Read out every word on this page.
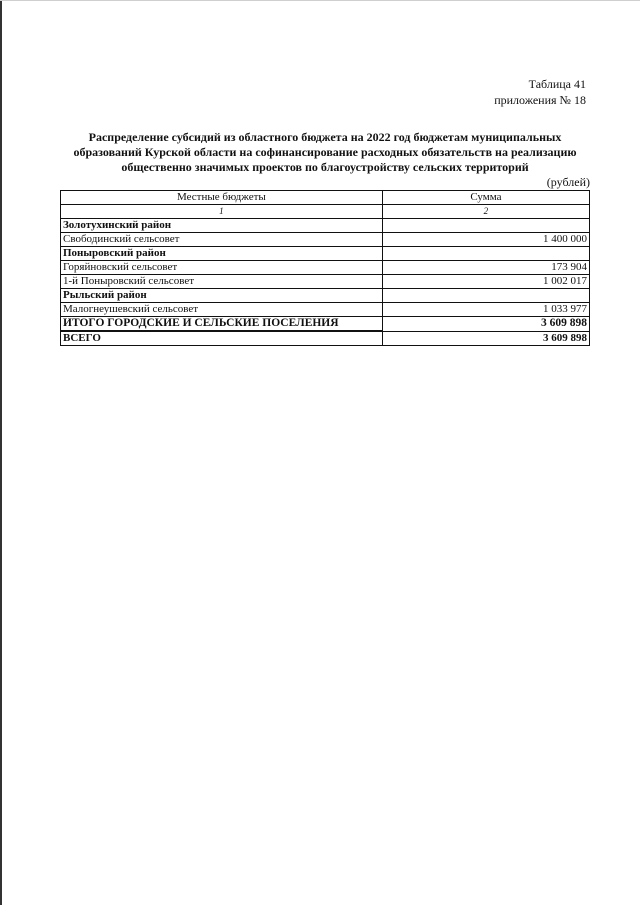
Таблица 41
приложения № 18
Распределение субсидий из областного бюджета на 2022 год бюджетам муниципальных
образований Курской области на софинансирование расходных обязательств на реализацию
общественно значимых проектов по благоустройству сельских территорий
(рублей)
Местные бюджеты	Сумма
1	2
Золотухинский район	
Свободинский сельсовет	1 400 000
Поныровский район	
Горяйновский сельсовет	173 904
1-й Поныровский сельсовет	1 002 017
Рыльский район	
Малогнеушевский сельсовет	1 033 977
ИТОГО ГОРОДСКИЕ И СЕЛЬСКИЕ ПОСЕЛЕНИЯ	3 609 898
ВСЕГО	3 609 898
